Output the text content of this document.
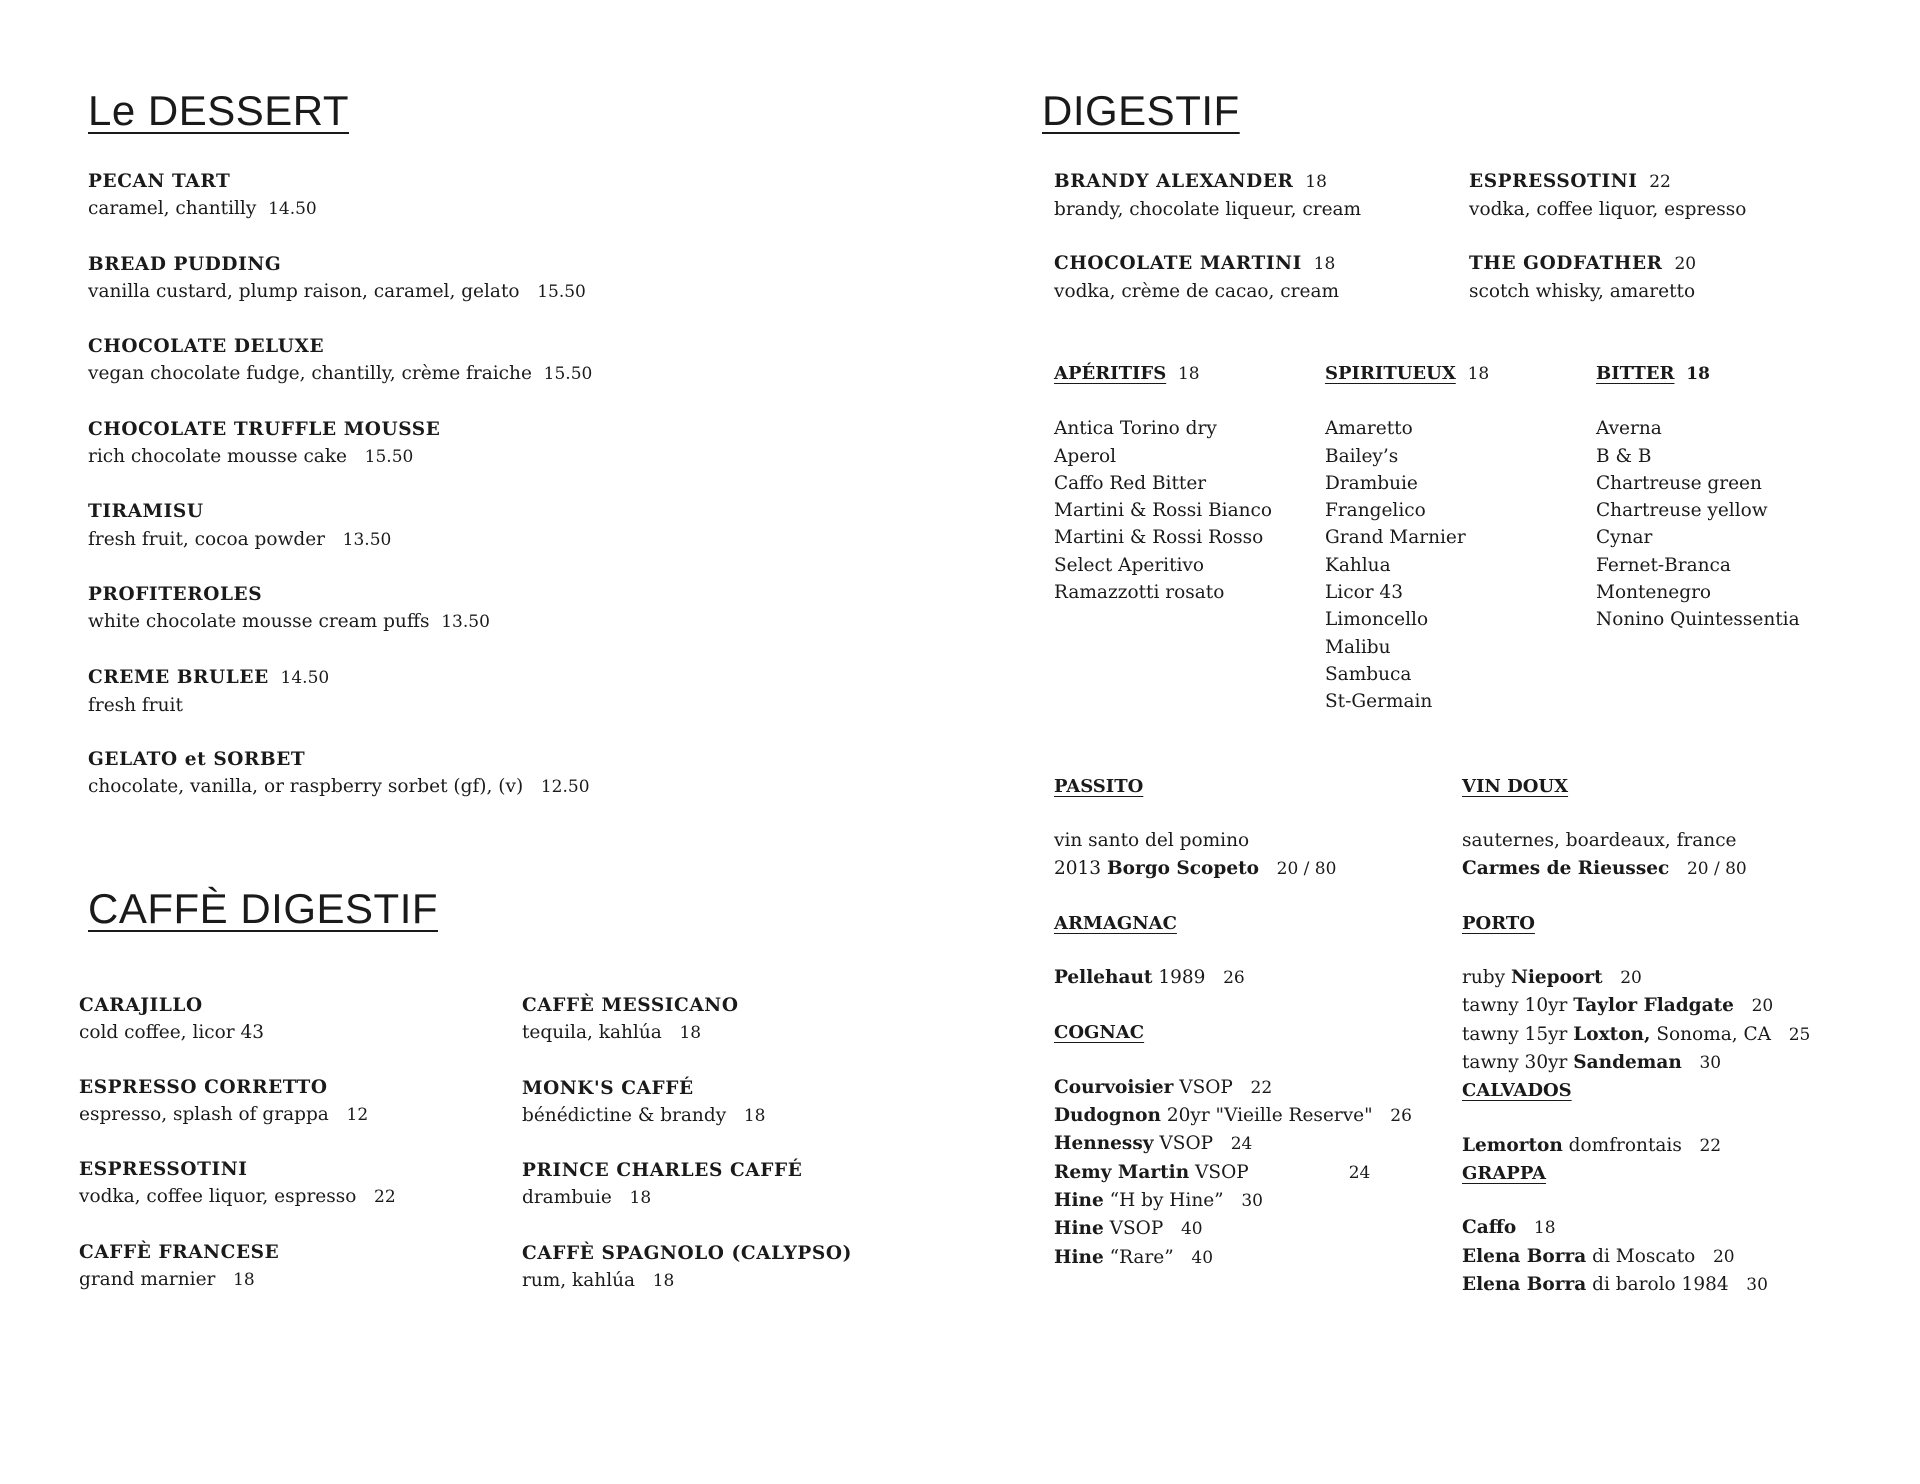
Le DESSERT
PECAN TART
caramel, chantilly 14.50
BREAD PUDDING
vanilla custard, plump raison, caramel, gelato 15.50
CHOCOLATE DELUXE
vegan chocolate fudge, chantilly, crème fraiche 15.50
CHOCOLATE TRUFFLE MOUSSE
rich chocolate mousse cake 15.50
TIRAMISU
fresh fruit, cocoa powder 13.50
PROFITEROLES
white chocolate mousse cream puffs 13.50
CREME BRULEE 14.50
fresh fruit
GELATO et SORBET
chocolate, vanilla, or raspberry sorbet (gf), (v) 12.50
CAFFÈ DIGESTIF
CARAJILLO
cold coffee, licor 43
ESPRESSO CORRETTO
espresso, splash of grappa 12
ESPRESSOTINI
vodka, coffee liquor, espresso 22
CAFFÈ FRANCESE
grand marnier 18
CAFFÈ MESSICANO
tequila, kahlúa 18
MONK'S CAFFÉ
bénédictine & brandy 18
PRINCE CHARLES CAFFÉ
drambuie 18
CAFFÈ SPAGNOLO (CALYPSO)
rum, kahlúa 18
DIGESTIF
BRANDY ALEXANDER 18
brandy, chocolate liqueur, cream
ESPRESSOTINI 22
vodka, coffee liquor, espresso
CHOCOLATE MARTINI 18
vodka, crème de cacao, cream
THE GODFATHER 20
scotch whisky, amaretto
APÉRITIFS 18
Antica Torino dry
Aperol
Caffo Red Bitter
Martini & Rossi Bianco
Martini & Rossi Rosso
Select Aperitivo
Ramazzotti rosato
SPIRITUEUX 18
Amaretto
Bailey’s
Drambuie
Frangelico
Grand Marnier
Kahlua
Licor 43
Limoncello
Malibu
Sambuca
St-Germain
BITTER 18
Averna
B & B
Chartreuse green
Chartreuse yellow
Cynar
Fernet-Branca
Montenegro
Nonino Quintessentia
PASSITO
vin santo del pomino
2013 Borgo Scopeto 20 / 80
ARMAGNAC
Pellehaut 1989 26
COGNAC
Courvoisier VSOP 22
Dudognon 20yr "Vieille Reserve" 26
Hennessy VSOP 24
Remy Martin VSOP	24
Hine “H by Hine” 30
Hine VSOP 40
Hine “Rare” 40
VIN DOUX
sauternes, boardeaux, france
Carmes de Rieussec 20 / 80
PORTO
ruby Niepoort 20
tawny 10yr Taylor Fladgate 20
tawny 15yr Loxton, Sonoma, CA 25
tawny 30yr Sandeman 30
CALVADOS
Lemorton domfrontais 22
GRAPPA
Caffo 18
Elena Borra di Moscato 20
Elena Borra di barolo 1984 30
